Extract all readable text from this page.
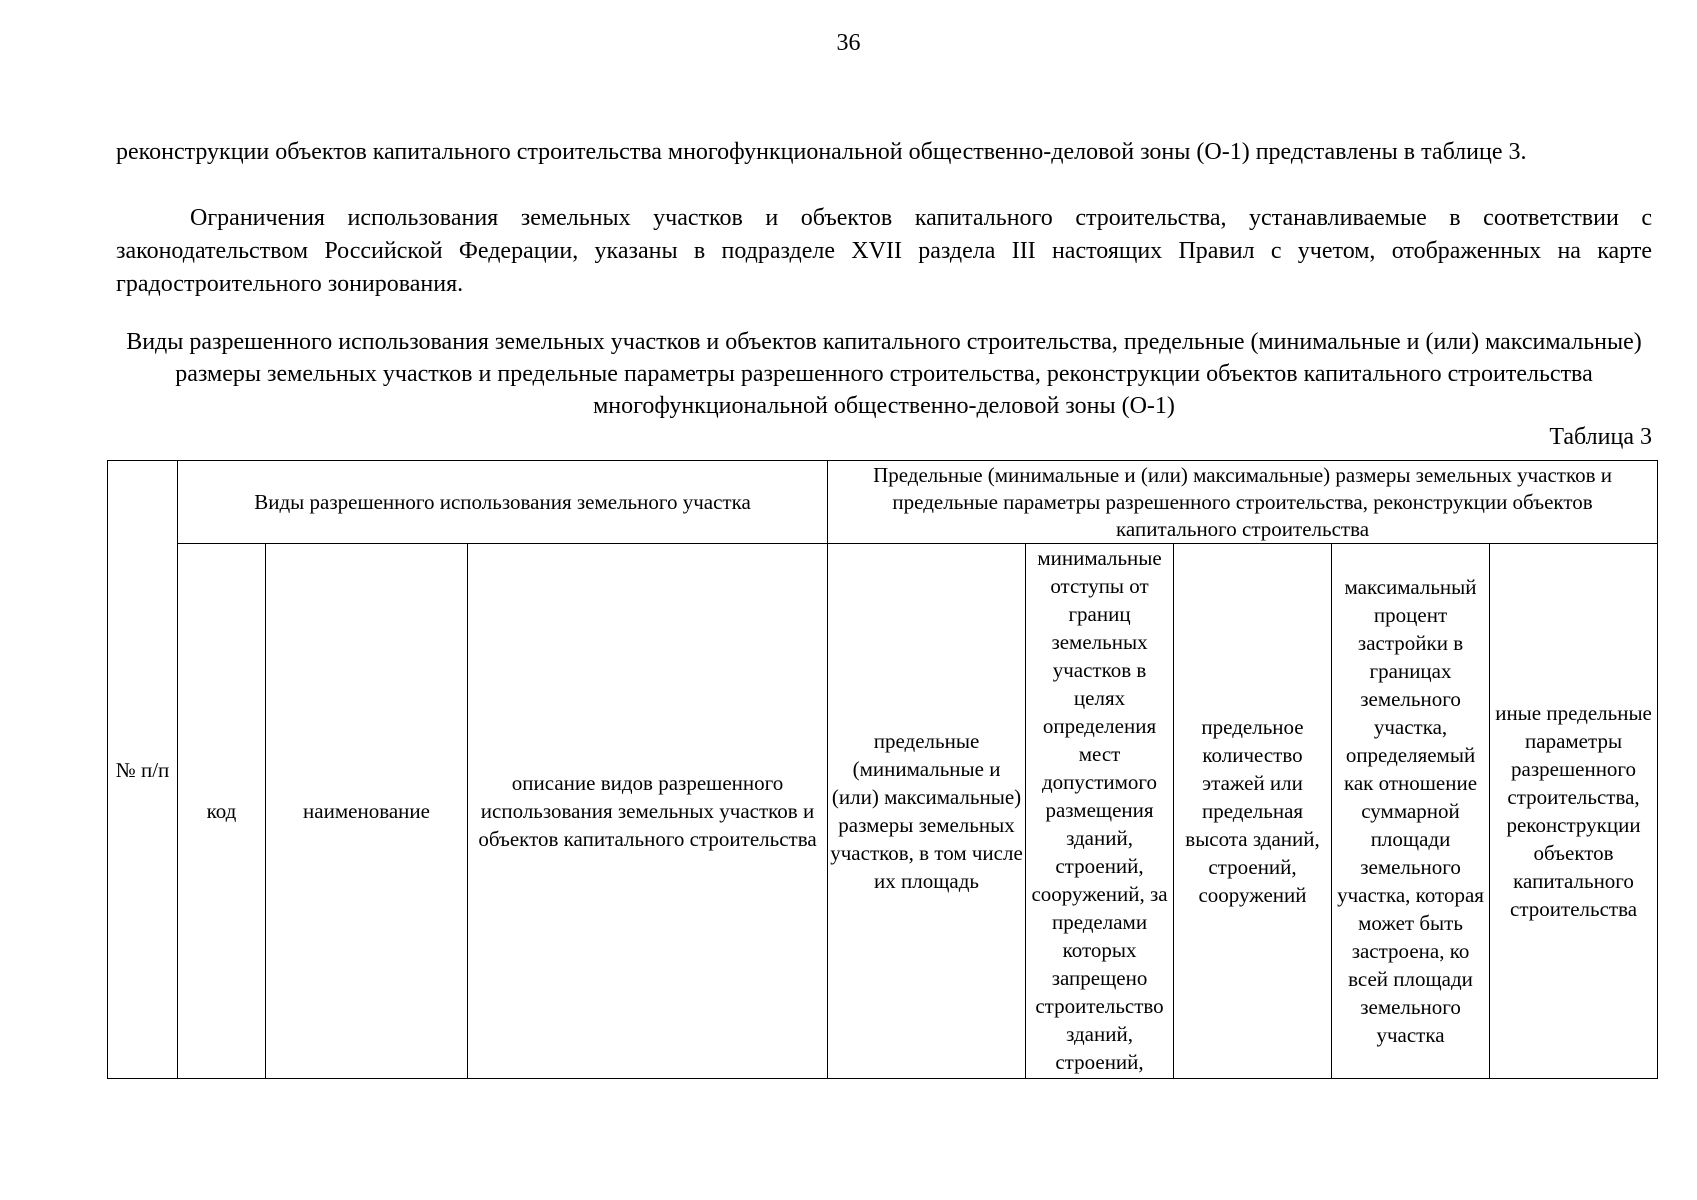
36
реконструкции объектов капитального строительства многофункциональной общественно-деловой зоны (О-1) представлены в таблице 3.
Ограничения использования земельных участков и объектов капитального строительства, устанавливаемые в соответствии с законодательством Российской Федерации, указаны в подразделе XVII раздела III настоящих Правил с учетом, отображенных на карте градостроительного зонирования.
Виды разрешенного использования земельных участков и объектов капитального строительства, предельные (минимальные и (или) максимальные) размеры земельных участков и предельные параметры разрешенного строительства, реконструкции объектов капитального строительства многофункциональной общественно-деловой зоны (О-1)
Таблица 3
№ п/п	Виды разрешенного использования земельного участка			Предельные (минимальные и (или) максимальные) размеры земельных участков и предельные параметры разрешенного строительства, реконструкции объектов капитального строительства				
	код	наименование	описание видов разрешенного использования земельных участков и объектов капитального строительства	предельные (минимальные и (или) максимальные) размеры земельных участков, в том числе их площадь	минимальные отступы от границ земельных участков в целях определения мест допустимого размещения зданий, строений, сооружений, за пределами которых запрещено строительство зданий, строений,	предельное количество этажей или предельная высота зданий, строений, сооружений	максимальный процент застройки в границах земельного участка, определяемый как отношение суммарной площади земельного участка, которая может быть застроена, ко всей площади земельного участка	иные предельные параметры разрешенного строительства, реконструкции объектов капитального строительства
